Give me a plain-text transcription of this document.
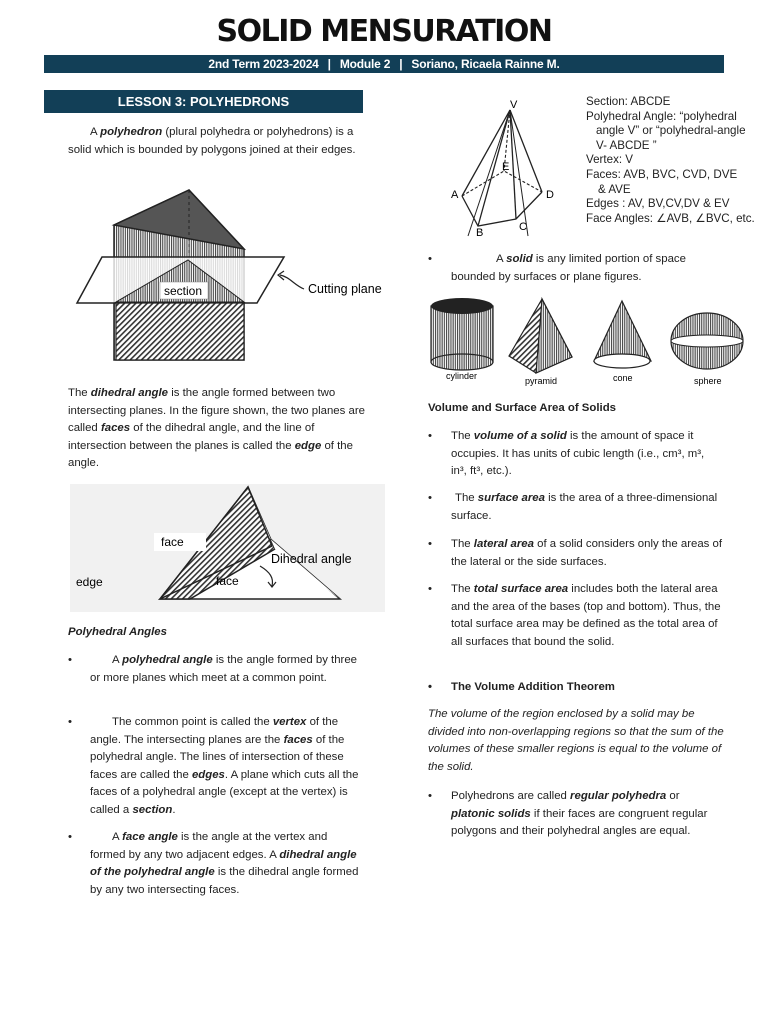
SOLID MENSURATION
2nd Term 2023-2024 | Module 2 | Soriano, Ricaela Rainne M.
LESSON 3: POLYHEDRONS

A polyhedron (plural polyhedra or polyhedrons) is a solid which is bounded by polygons joined at their edges.

section	Cutting plane

The dihedral angle is the angle formed between two intersecting planes. In the figure shown, the two planes are called faces of the dihedral angle, and the line of intersection between the planes is called the edge of the angle.

face
face
edge
Dihedral angle
Polyhedral Angles
•	A polyhedral angle is the angle formed by three or more planes which meet at a common point.

•	The common point is called the vertex of the angle. The intersecting planes are the faces of the polyhedral angle. The lines of intersection of these faces are called the edges. A plane which cuts all the faces of a polyhedral angle (except at the vertex) is called a section.

•	A face angle is the angle at the vertex and formed by any two adjacent edges. A dihedral angle of the polyhedral angle is the dihedral angle formed by any two intersecting faces.

V
E
A
B	C
D
Section: ABCDE
Polyhedral Angle: “polyhedral
angle V” or “polyhedral-angle
V- ABCDE ”
Vertex: V
Faces: AVB, BVC, CVD, DVE
& AVE
Edges : AV, BV,CV,DV & EV
Face Angles: ∠AVB, ∠BVC, etc.
•	A solid is any limited portion of space bounded by surfaces or plane figures.

cylinder	pyramid	cone	sphere
Volume and Surface Area of Solids
• The volume of a solid is the amount of space it occupies. It has units of cubic length (i.e., cm³, m³, in³, ft³, etc.).

•	The surface area is the area of a three-dimensional surface.

• The lateral area of a solid considers only the areas of the lateral or the side surfaces.

• The total surface area includes both the lateral area and the area of the bases (top and bottom). Thus, the total surface area may be defined as the total area of all surfaces that bound the solid.

• The Volume Addition Theorem

The volume of the region enclosed by a solid may be divided into non-overlapping regions so that the sum of the volumes of these smaller regions is equal to the volume of the solid.

• Polyhedrons are called regular polyhedra or platonic solids if their faces are congruent regular polygons and their polyhedral angles are equal.
